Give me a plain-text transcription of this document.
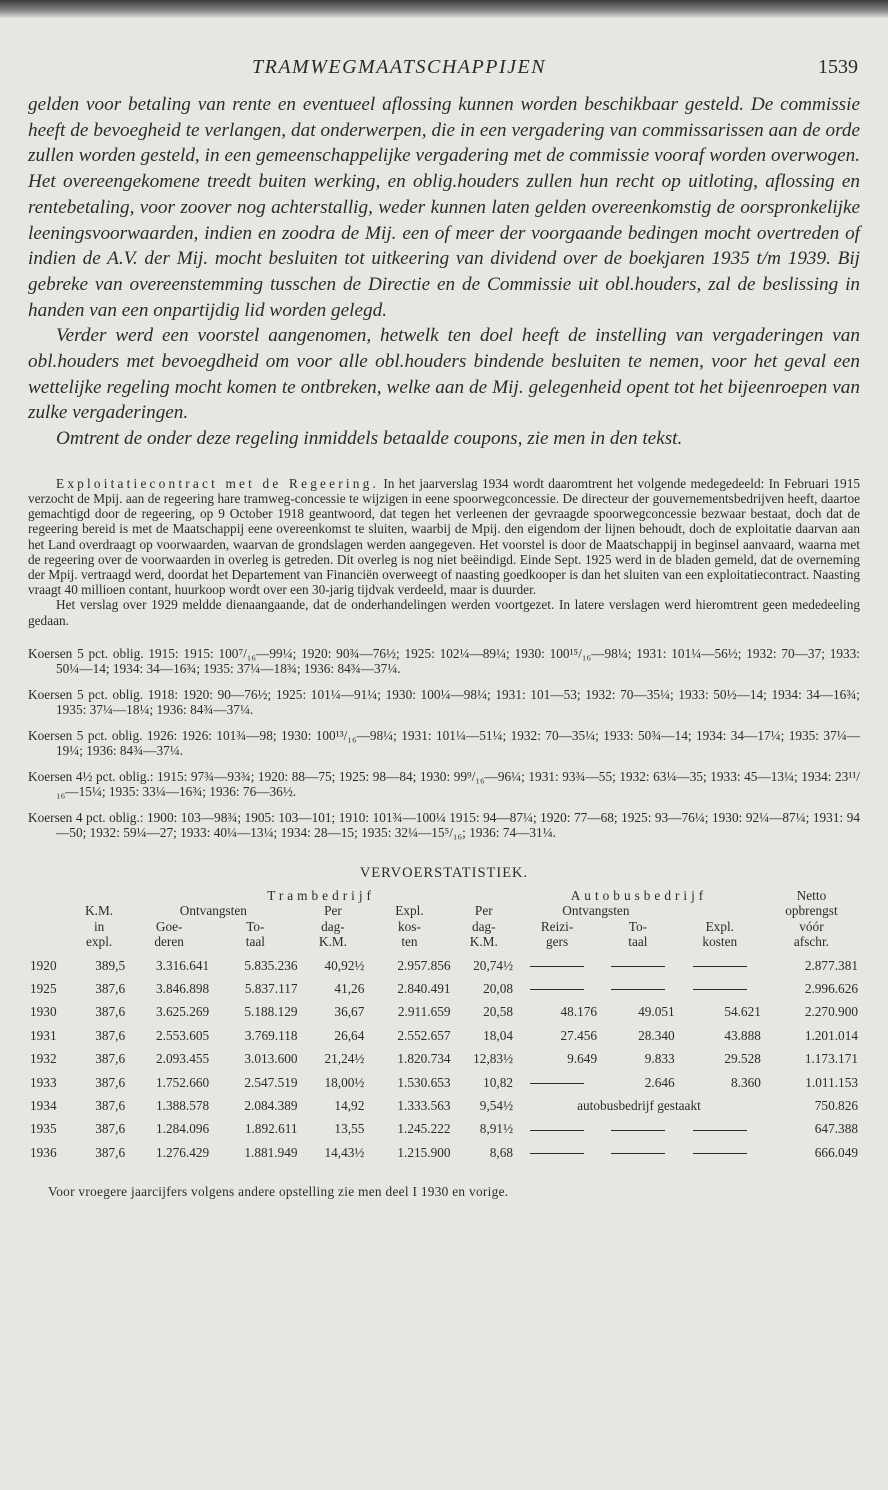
TRAMWEGMAATSCHAPPIJEN	1539

gelden voor betaling van rente en eventueel aflossing kunnen worden beschikbaar gesteld. De commissie heeft de bevoegheid te verlangen, dat onderwerpen, die in een vergadering van commissarissen aan de orde zullen worden gesteld, in een gemeenschappelijke vergadering met de commissie vooraf worden overwogen. Het overeengekomene treedt buiten werking, en oblig.houders zullen hun recht op uitloting, aflossing en rentebetaling, voor zoover nog achterstallig, weder kunnen laten gelden overeenkomstig de oorspronkelijke leeningsvoorwaarden, indien en zoodra de Mij. een of meer der voorgaande bedingen mocht overtreden of indien de A.V. der Mij. mocht besluiten tot uitkeering van dividend over de boekjaren 1935 t/m 1939. Bij gebreke van overeenstemming tusschen de Directie en de Commissie uit obl.houders, zal de beslissing in handen van een onpartijdig lid worden gelegd.

Verder werd een voorstel aangenomen, hetwelk ten doel heeft de instelling van vergaderingen van obl.houders met bevoegdheid om voor alle obl.houders bindende besluiten te nemen, voor het geval een wettelijke regeling mocht komen te ontbreken, welke aan de Mij. gelegenheid opent tot het bijeenroepen van zulke vergaderingen.

Omtrent de onder deze regeling inmiddels betaalde coupons, zie men in den tekst.

Exploitatiecontract met de Regeering. In het jaarverslag 1934 wordt daaromtrent het volgende medegedeeld: In Februari 1915 verzocht de Mpij. aan de regeering hare tramweg-concessie te wijzigen in eene spoorwegconcessie. De directeur der gouvernementsbedrijven heeft, daartoe gemachtigd door de regeering, op 9 October 1918 geantwoord, dat tegen het verleenen der gevraagde spoorwegconcessie bezwaar bestaat, doch dat de regeering bereid is met de Maatschappij eene overeenkomst te sluiten, waarbij de Mpij. den eigendom der lijnen behoudt, doch de exploitatie daarvan aan het Land overdraagt op voorwaarden, waarvan de grondslagen werden aangegeven. Het voorstel is door de Maatschappij in beginsel aanvaard, waarna met de regeering over de voorwaarden in overleg is getreden. Dit overleg is nog niet beëindigd. Einde Sept. 1925 werd in de bladen gemeld, dat de overneming der Mpij. vertraagd werd, doordat het Departement van Financiën overweegt of naasting goedkooper is dan het sluiten van een exploitatiecontract. Naasting vraagt 40 millioen contant, huurkoop wordt over een 30-jarig tijdvak verdeeld, maar is duurder.

Het verslag over 1929 meldde dienaangaande, dat de onderhandelingen werden voortgezet. In latere verslagen werd hieromtrent geen mededeeling gedaan.

Koersen 5 pct. oblig. 1915: 1915: 100⁷/₁₆—99¼; 1920: 90¾—76½; 1925: 102¼—89¼; 1930: 100¹⁵/₁₆—98¼; 1931: 101¼—56½; 1932: 70—37; 1933: 50¼—14; 1934: 34—16¾; 1935: 37¼—18¾; 1936: 84¾—37¼.

Koersen 5 pct. oblig. 1918: 1920: 90—76½; 1925: 101¼—91¼; 1930: 100¼—98¼; 1931: 101—53; 1932: 70—35¼; 1933: 50½—14; 1934: 34—16¾; 1935: 37¼—18¼; 1936: 84¾—37¼.

Koersen 5 pct. oblig. 1926: 1926: 101¾—98; 1930: 100¹³/₁₆—98¼; 1931: 101¼—51¼; 1932: 70—35¼; 1933: 50¾—14; 1934: 34—17¼; 1935: 37¼—19¼; 1936: 84¾—37¼.

Koersen 4½ pct. oblig.: 1915: 97¾—93¾; 1920: 88—75; 1925: 98—84; 1930: 99⁹/₁₆—96¼; 1931: 93¾—55; 1932: 63¼—35; 1933: 45—13¼; 1934: 23¹¹/₁₆—15¼; 1935: 33¼—16¾; 1936: 76—36½.

Koersen 4 pct. oblig.: 1900: 103—98¾; 1905: 103—101; 1910: 101¾—100¼ 1915: 94—87¼; 1920: 77—68; 1925: 93—76¼; 1930: 92¼—87¼; 1931: 94—50; 1932: 59¼—27; 1933: 40¼—13¼; 1934: 28—15; 1935: 32¼—15⁵/₁₆; 1936: 74—31¼.

VERVOERSTATISTIEK.
		Trambedrijf					Autobusbedrijf			Netto
	K.M.	Ontvangsten		Per	Expl.	Per	Ontvangsten			opbrengst
	in	Goe-	To-	dag-	kos-	dag-	Reizi-	To-	Expl.	vóór
	expl.	deren	taal	K.M.	ten	K.M.	gers	taal	kosten	afschr.
1920	389,5	3.316.641	5.835.236	40,92½	2.957.856	20,74½				2.877.381
1925	387,6	3.846.898	5.837.117	41,26	2.840.491	20,08				2.996.626
1930	387,6	3.625.269	5.188.129	36,67	2.911.659	20,58	48.176	49.051	54.621	2.270.900
1931	387,6	2.553.605	3.769.118	26,64	2.552.657	18,04	27.456	28.340	43.888	1.201.014
1932	387,6	2.093.455	3.013.600	21,24½	1.820.734	12,83½	9.649	9.833	29.528	1.173.171
1933	387,6	1.752.660	2.547.519	18,00½	1.530.653	10,82		2.646	8.360	1.011.153
1934	387,6	1.388.578	2.084.389	14,92	1.333.563	9,54½	autobusbedrijf gestaakt			750.826
1935	387,6	1.284.096	1.892.611	13,55	1.245.222	8,91½				647.388
1936	387,6	1.276.429	1.881.949	14,43½	1.215.900	8,68				666.049
Voor vroegere jaarcijfers volgens andere opstelling zie men deel I 1930 en vorige.
